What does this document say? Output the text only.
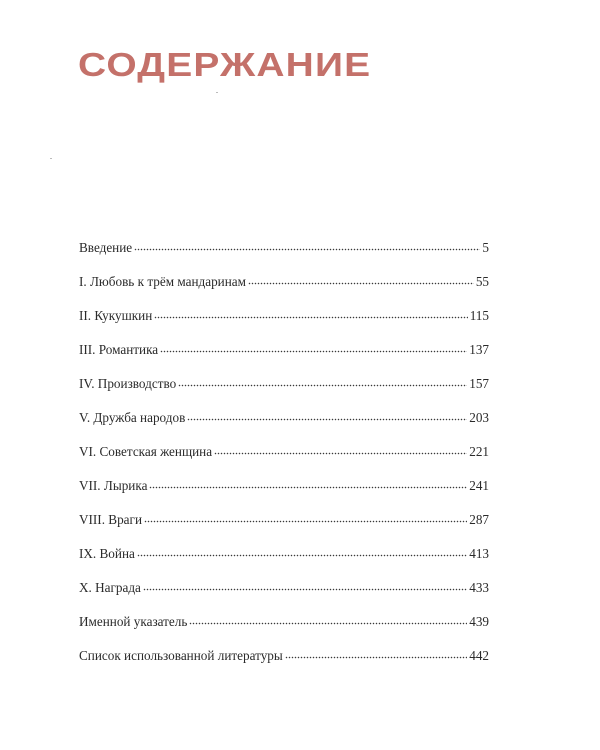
СОДЕРЖАНИЕ
Введение	5
I. Любовь к трём мандаринам	55
II. Кукушкин	115
III. Романтика	137
IV. Производство	157
V. Дружба народов	203
VI. Советская женщина	221
VII. Лырика	241
VIII. Враги	287
IX. Война	413
X. Награда	433
Именной указатель	439
Список использованной литературы	442
